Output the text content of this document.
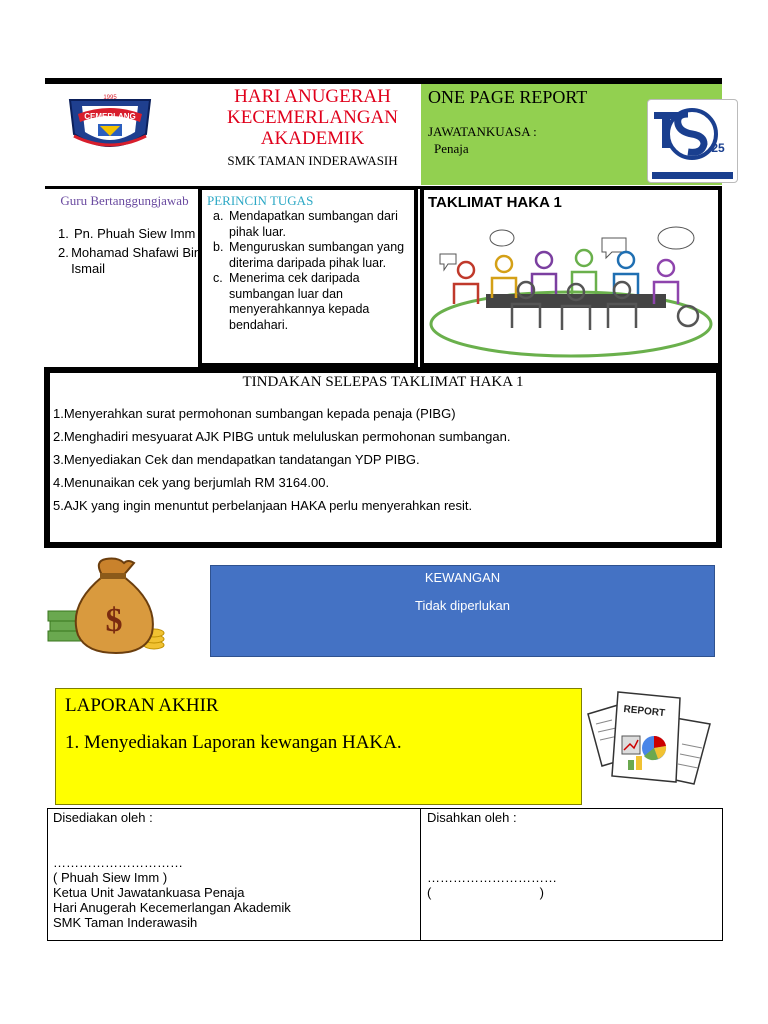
CEMERLANG
1995	HARI ANUGERAH KECEMERLANGAN AKADEMIK
SMK TAMAN INDERAWASIH
ONE PAGE REPORT
JAWATANKUASA :
Penaja	25
Guru Bertanggungjawab
1. Pn. Phuah Siew Imm
2. Mohamad Shafawi Bin Ismail
PERINCIN TUGAS
a. Mendapatkan sumbangan dari pihak luar.
b. Menguruskan sumbangan yang diterima daripada pihak luar.
c. Menerima cek daripada sumbangan luar dan menyerahkannya kepada bendahari.
TAKLIMAT HAKA 1
TINDAKAN SELEPAS TAKLIMAT HAKA 1
1.Menyerahkan surat permohonan sumbangan kepada penaja (PIBG)
2.Menghadiri mesyuarat AJK PIBG untuk meluluskan permohonan sumbangan.
3.Menyediakan Cek dan mendapatkan tandatangan YDP PIBG.
4.Menunaikan cek yang berjumlah RM 3164.00.
5.AJK yang ingin menuntut perbelanjaan HAKA perlu menyerahkan resit.
$
KEWANGAN
Tidak diperlukan
LAPORAN AKHIR
1. Menyediakan Laporan kewangan HAKA.
REPORT
Disediakan oleh :
…………………………
( Phuah Siew Imm )
Ketua Unit Jawatankuasa Penaja
Hari Anugerah Kecemerlangan Akademik
SMK Taman Inderawasih
Disahkan oleh :
…………………………
(                              )
